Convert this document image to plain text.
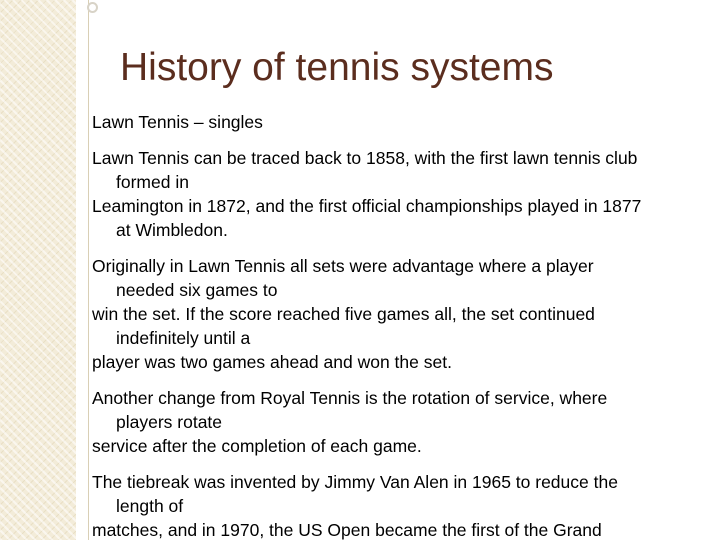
History of tennis systems

Lawn Tennis – singles

Lawn Tennis can be traced back to 1858, with the first lawn tennis club
formed in
Leamington in 1872, and the first official championships played in 1877
at Wimbledon.

Originally in Lawn Tennis all sets were advantage where a player
needed six games to
win the set. If the score reached five games all, the set continued
indefinitely until a
player was two games ahead and won the set.

Another change from Royal Tennis is the rotation of service, where
players rotate
service after the completion of each game.

The tiebreak was invented by Jimmy Van Alen in 1965 to reduce the
length of
matches, and in 1970, the US Open became the first of the Grand
